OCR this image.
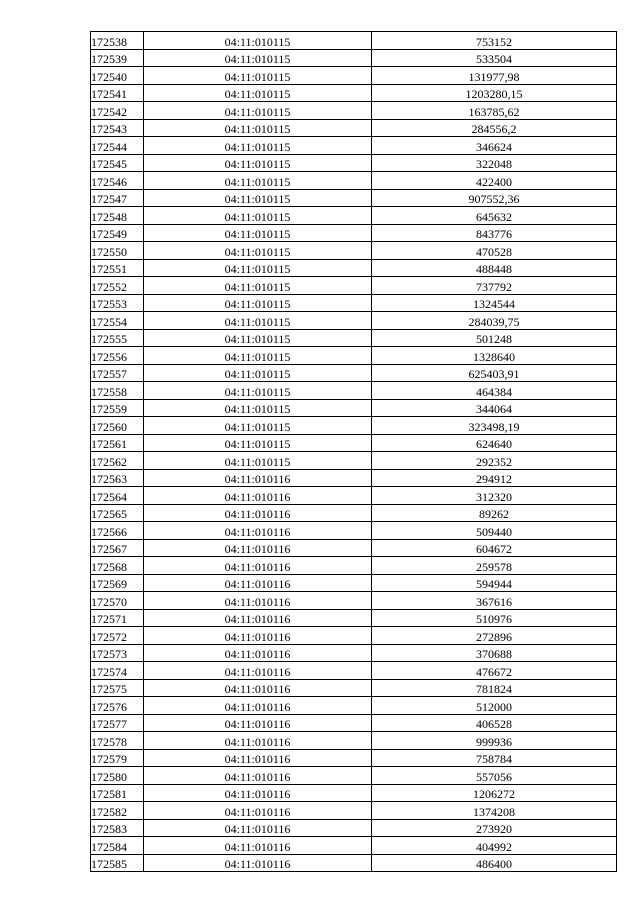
172538	04:11:010115	753152
172539	04:11:010115	533504
172540	04:11:010115	131977,98
172541	04:11:010115	1203280,15
172542	04:11:010115	163785,62
172543	04:11:010115	284556,2
172544	04:11:010115	346624
172545	04:11:010115	322048
172546	04:11:010115	422400
172547	04:11:010115	907552,36
172548	04:11:010115	645632
172549	04:11:010115	843776
172550	04:11:010115	470528
172551	04:11:010115	488448
172552	04:11:010115	737792
172553	04:11:010115	1324544
172554	04:11:010115	284039,75
172555	04:11:010115	501248
172556	04:11:010115	1328640
172557	04:11:010115	625403,91
172558	04:11:010115	464384
172559	04:11:010115	344064
172560	04:11:010115	323498,19
172561	04:11:010115	624640
172562	04:11:010115	292352
172563	04:11:010116	294912
172564	04:11:010116	312320
172565	04:11:010116	89262
172566	04:11:010116	509440
172567	04:11:010116	604672
172568	04:11:010116	259578
172569	04:11:010116	594944
172570	04:11:010116	367616
172571	04:11:010116	510976
172572	04:11:010116	272896
172573	04:11:010116	370688
172574	04:11:010116	476672
172575	04:11:010116	781824
172576	04:11:010116	512000
172577	04:11:010116	406528
172578	04:11:010116	999936
172579	04:11:010116	758784
172580	04:11:010116	557056
172581	04:11:010116	1206272
172582	04:11:010116	1374208
172583	04:11:010116	273920
172584	04:11:010116	404992
172585	04:11:010116	486400
